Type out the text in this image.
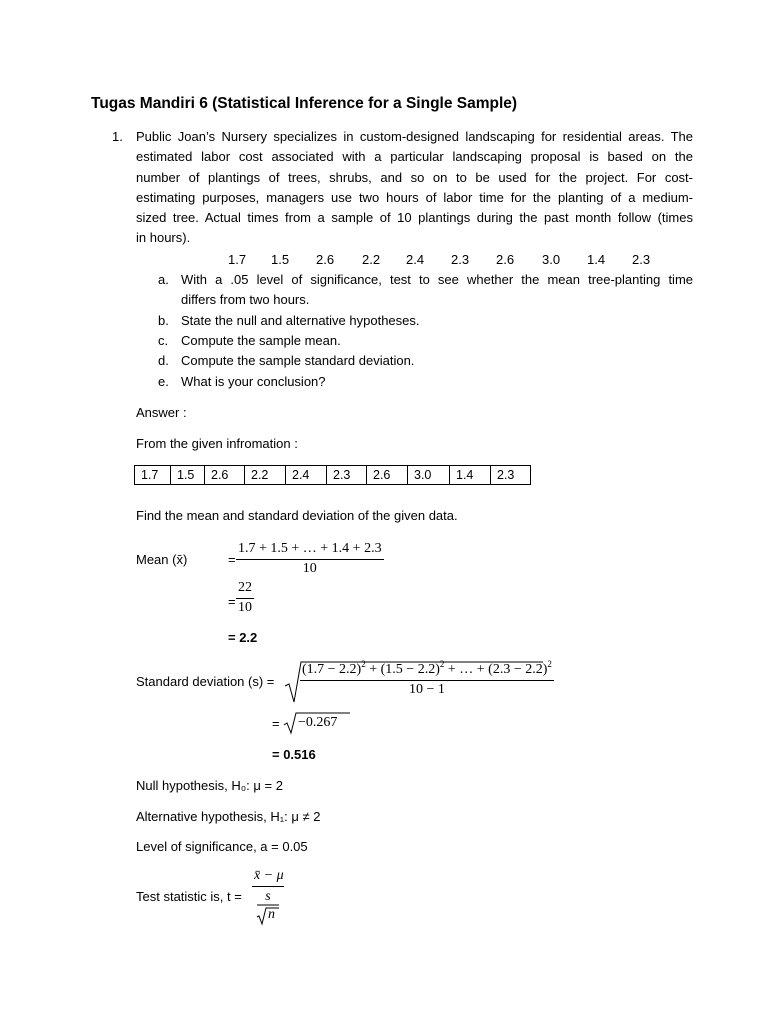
Tugas Mandiri 6 (Statistical Inference for a Single Sample)
1. Public Joan’s Nursery specializes in custom-designed landscaping for residential areas. The
estimated labor cost associated with a particular landscaping proposal is based on the
number of plantings of trees, shrubs, and so on to be used for the project. For cost-
estimating purposes, managers use two hours of labor time for the planting of a medium-
sized tree. Actual times from a sample of 10 plantings during the past month follow (times
in hours).
1.7 1.5 2.6 2.2 2.4 2.3 2.6 3.0 1.4 2.3
a. With a .05 level of significance, test to see whether the mean tree-planting time
differs from two hours.
b. State the null and alternative hypotheses.
c. Compute the sample mean.
d. Compute the sample standard deviation.
e. What is your conclusion?
Answer :
From the given infromation :
1.7	1.5	2.6	2.2	2.4	2.3	2.6	3.0	1.4	2.3
Find the mean and standard deviation of the given data.
Mean (x̄)	= $\frac{1.7 + 1.5 + \dots + 1.4 + 2.3}{10}$
= $\frac{22}{10}$
= 2.2
Standard deviation $(s) = \frac{(1.7 - 2.2)^2 + (1.5 - 2.2)^2 + \dots + (2.3 - 2.2)^2}{10 - 1}$
= −0.267
= 0.516
Null hypothesis, H₀: μ = 2
Alternative hypothesis, H₁: μ ≠ 2
Level of significance, a = 0.05
Test statistic is, $t = \frac{x̄ - \mu}{s}$
n
